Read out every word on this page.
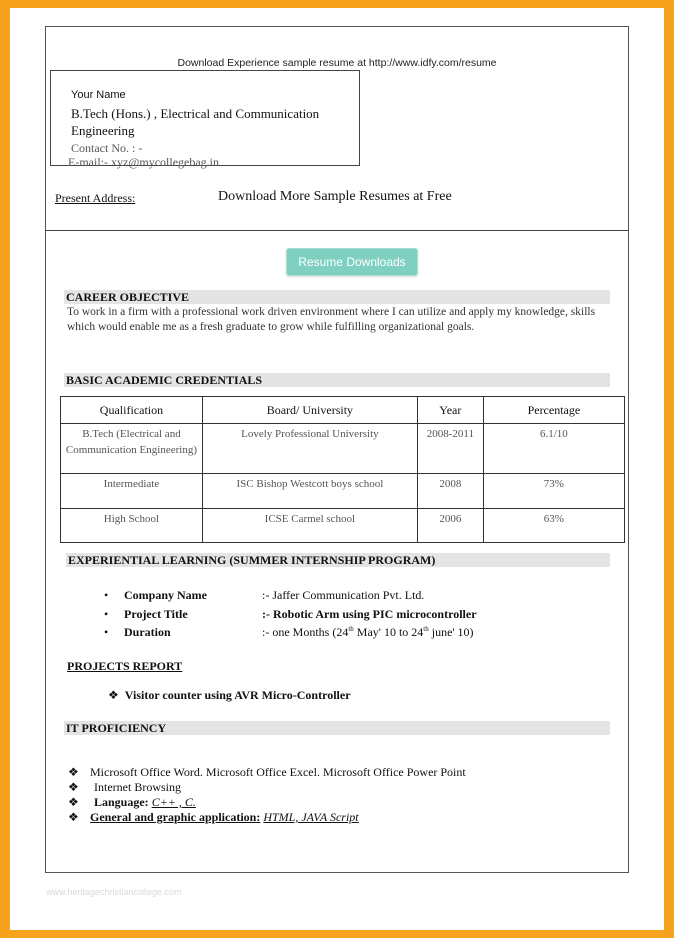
Download Experience sample resume at http://www.idfy.com/resume
Your Name
B.Tech (Hons.) , Electrical and Communication Engineering
Contact No. : -
E-mail:- xyz@mycollegebag.in
Present Address:	Download More Sample Resumes at Free
Resume Downloads
CAREER OBJECTIVE
To work in a firm with a professional work driven environment where I can utilize and apply my knowledge, skills which would enable me as a fresh graduate to grow while fulfilling organizational goals.
BASIC ACADEMIC CREDENTIALS
Qualification	Board/ University	Year	Percentage
B.Tech (Electrical and Communication Engineering)	Lovely Professional University	2008-2011	6.1/10
Intermediate	ISC Bishop Westcott boys school	2008	73%
High School	ICSE Carmel school	2006	63%
EXPERIENTIAL LEARNING (SUMMER INTERNSHIP PROGRAM)
• Company Name	:- Jaffer Communication Pvt. Ltd.
• Project Title	:- Robotic Arm using PIC microcontroller
• Duration	:- one Months (24th May' 10 to 24th june' 10)
PROJECTS REPORT
❖ Visitor counter using AVR Micro-Controller
IT PROFICIENCY
❖ Microsoft Office Word. Microsoft Office Excel. Microsoft Office Power Point
❖ Internet Browsing
❖ Language: C++ , C.
❖ General and graphic application: HTML, JAVA Script
www.heritagechristiancollege.com
